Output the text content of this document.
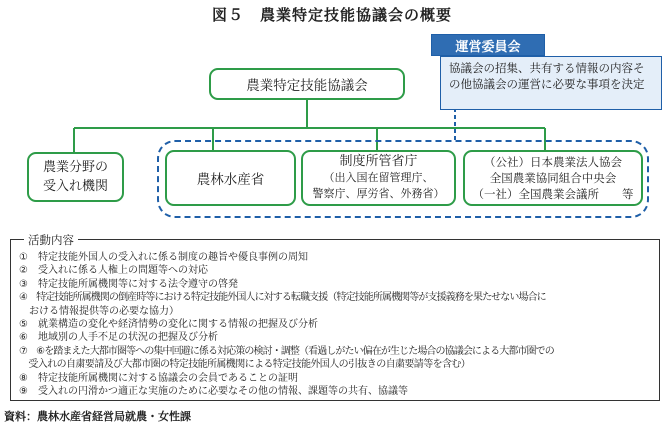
図５　農業特定技能協議会の概要
農業特定技能協議会
運営委員会
協議会の招集、共有する情報の内容その他協議会の運営に必要な事項を決定
農業分野の
受入れ機関	農林水産省
制度所管省庁
（出入国在留管理庁、
警察庁、厚労省、外務省）
（公社）日本農業法人協会
全国農業協同組合中央会
（一社）全国農業会議所　　等
活動内容
①　特定技能外国人の受入れに係る制度の趣旨や優良事例の周知
②　受入れに係る人権上の問題等への対応
③　特定技能所属機関等に対する法令遵守の啓発
④　特定技能所属機関の倒産時等における特定技能外国人に対する転職支援（特定技能所属機関等が支援義務を果たせない場合に
　おける情報提供等の必要な協力）
⑤　就業構造の変化や経済情勢の変化に関する情報の把握及び分析
⑥　地域別の人手不足の状況の把握及び分析
⑦　⑥を踏まえた大都市圏等への集中回避に係る対応策の検討・調整（看過しがたい偏在が生じた場合の協議会による大都市圏での
　受入れの自粛要請及び大都市圏の特定技能所属機関による特定技能外国人の引抜きの自粛要請等を含む）
⑧　特定技能所属機関に対する協議会の会員であることの証明
⑨　受入れの円滑かつ適正な実施のために必要なその他の情報、課題等の共有、協議等
資料：農林水産省経営局就農・女性課
